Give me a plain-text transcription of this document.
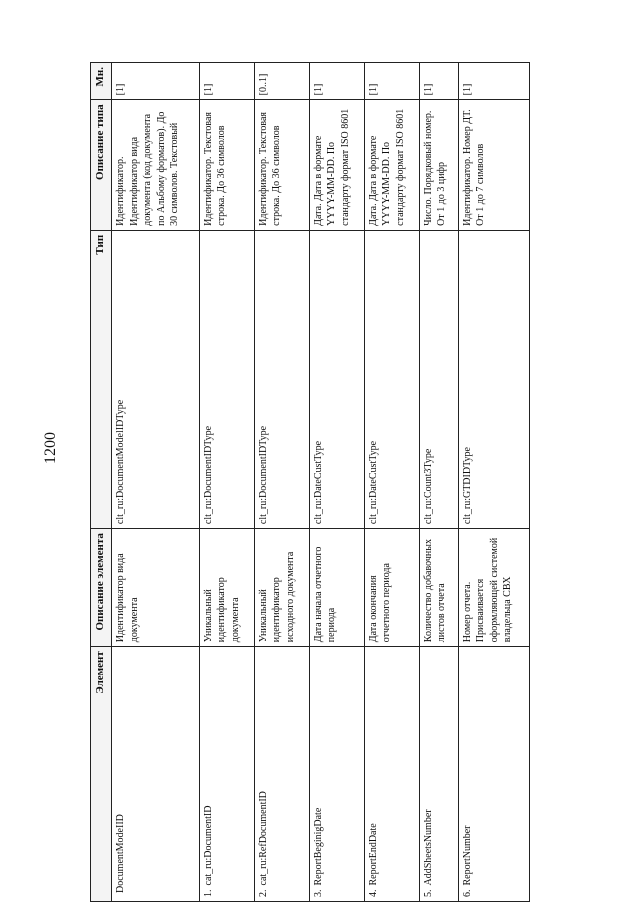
1200
Элемент	Описание элемента	Тип	Описание типа	Мн.
DocumentModeIID	Идентификатор вида документа	clt_ru:DocumentModelIDType	Идентификатор. Идентификатор вида документа (код документа по Альбому форматов). До 30 символов. Текстовый	[1]
1.cat_ru:DocumentID	Уникальный идентификатор документа	clt_ru:DocumentIDType	Идентификатор. Текстовая строка. До 36 символов	[1]
2.cat_ru:RefDocumentID	Уникальный идентификатор исходного документа	clt_ru:DocumentIDType	Идентификатор. Текстовая строка. До 36 символов	[0..1]
3.ReportBeginigDate	Дата начала отчетного периода	clt_ru:DateCustType	Дата. Дата в формате YYYY-MM-DD. По стандарту формат ISO 8601	[1]
4.ReportEndDate	Дата окончания отчетного периода	clt_ru:DateCustType	Дата. Дата в формате YYYY-MM-DD. По стандарту формат ISO 8601	[1]
5.AddSheetsNumber	Количество добавочных листов отчета	clt_ru:Count3Type	Число. Порядковый номер. От 1 до 3 цифр	[1]
6.ReportNumber	Номер отчета. Присваивается оформляющей системой владельца СВХ	clt_ru:GTDIDType	Идентификатор. Номер ДТ. От 1 до 7 символов	[1]
